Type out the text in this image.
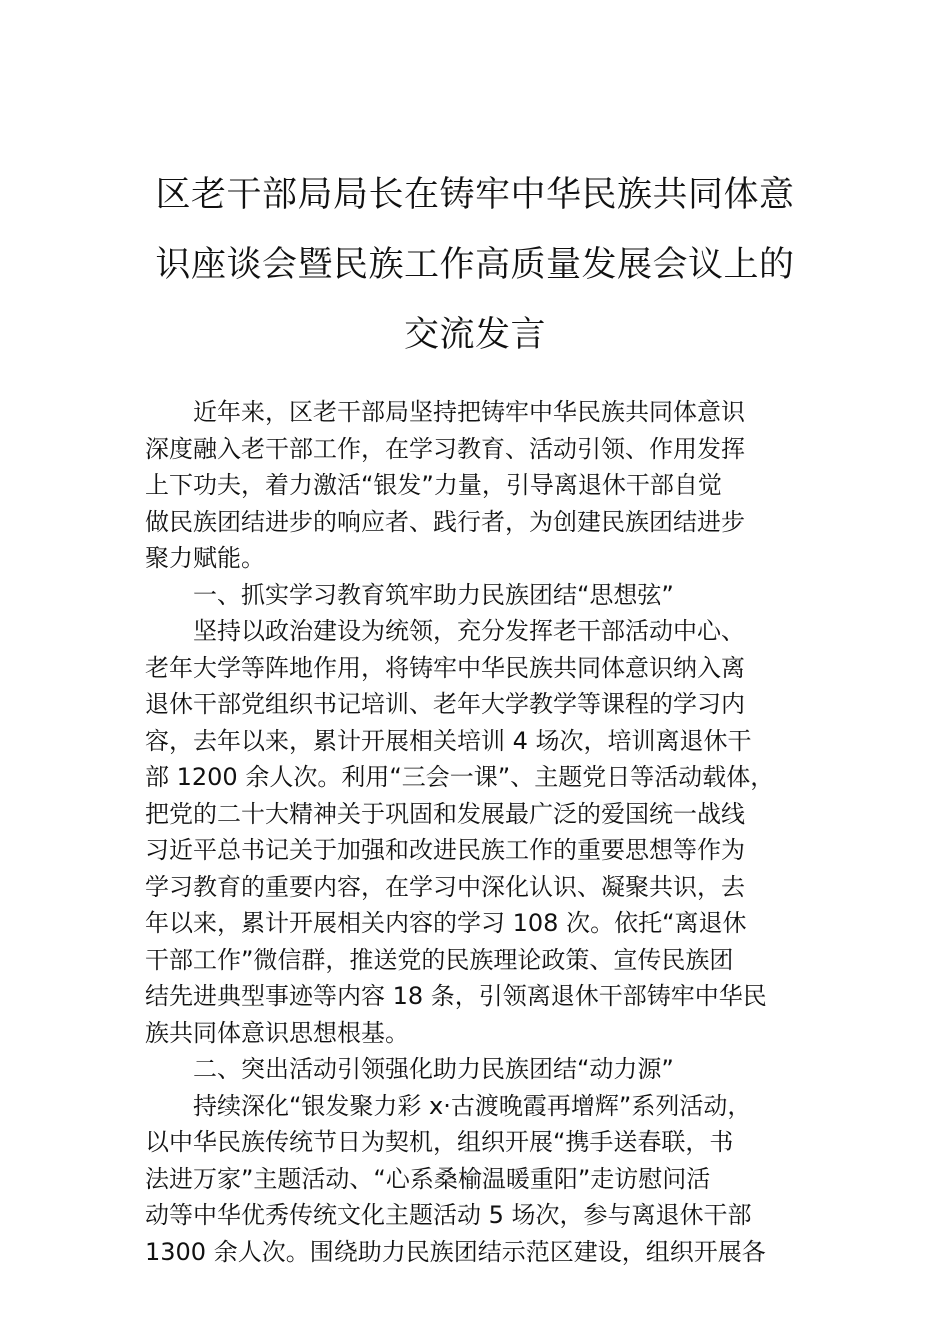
区老干部局局长在铸牢中华民族共同体意
识座谈会暨民族工作高质量发展会议上的
交流发言
近年来，区老干部局坚持把铸牢中华民族共同体意识
深度融入老干部工作，在学习教育、活动引领、作用发挥
上下功夫，着力激活“银发”力量，引导离退休干部自觉
做民族团结进步的响应者、践行者，为创建民族团结进步
聚力赋能。
一、抓实学习教育筑牢助力民族团结“思想弦”
坚持以政治建设为统领，充分发挥老干部活动中心、
老年大学等阵地作用，将铸牢中华民族共同体意识纳入离
退休干部党组织书记培训、老年大学教学等课程的学习内
容，去年以来，累计开展相关培训 4 场次，培训离退休干
部 1200 余人次。利用“三会一课”、主题党日等活动载体，
把党的二十大精神关于巩固和发展最广泛的爱国统一战线
习近平总书记关于加强和改进民族工作的重要思想等作为
学习教育的重要内容，在学习中深化认识、凝聚共识，去
年以来，累计开展相关内容的学习 108 次。依托“离退休
干部工作”微信群，推送党的民族理论政策、宣传民族团
结先进典型事迹等内容 18 条，引领离退休干部铸牢中华民
族共同体意识思想根基。
二、突出活动引领强化助力民族团结“动力源”
持续深化“银发聚力彩 x·古渡晚霞再增辉”系列活动，
以中华民族传统节日为契机，组织开展“携手送春联，书
法进万家”主题活动、“心系桑榆温暖重阳”走访慰问活
动等中华优秀传统文化主题活动 5 场次，参与离退休干部
1300 余人次。围绕助力民族团结示范区建设，组织开展各
